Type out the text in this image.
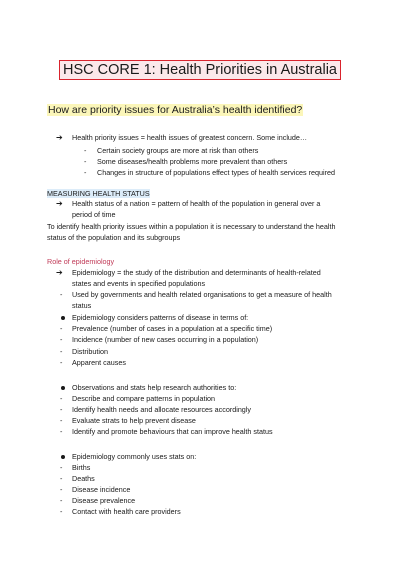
HSC CORE 1: Health Priorities in Australia
How are priority issues for Australia’s health identified?
➔ Health priority issues = health issues of greatest concern. Some include…
- Certain society groups are more at risk than others
- Some diseases/health problems more prevalent than others
- Changes in structure of populations effect types of health services required
MEASURING HEALTH STATUS
➔ Health status of a nation = pattern of health of the population in general over a
period of time
To identify health priority issues within a population it is necessary to understand the health
status of the population and its subgroups
Role of epidemiology
➔ Epidemiology = the study of the distribution and determinants of health-related
states and events in specified populations
- Used by governments and health related organisations to get a measure of health
status
Epidemiology considers patterns of disease in terms of:
- Prevalence (number of cases in a population at a specific time)
- Incidence (number of new cases occurring in a population)
- Distribution
- Apparent causes
Observations and stats help research authorities to:
- Describe and compare patterns in population
- Identify health needs and allocate resources accordingly
- Evaluate strats to help prevent disease
- Identify and promote behaviours that can improve health status
Epidemiology commonly uses stats on:
- Births
- Deaths
- Disease incidence
- Disease prevalence
- Contact with health care providers
